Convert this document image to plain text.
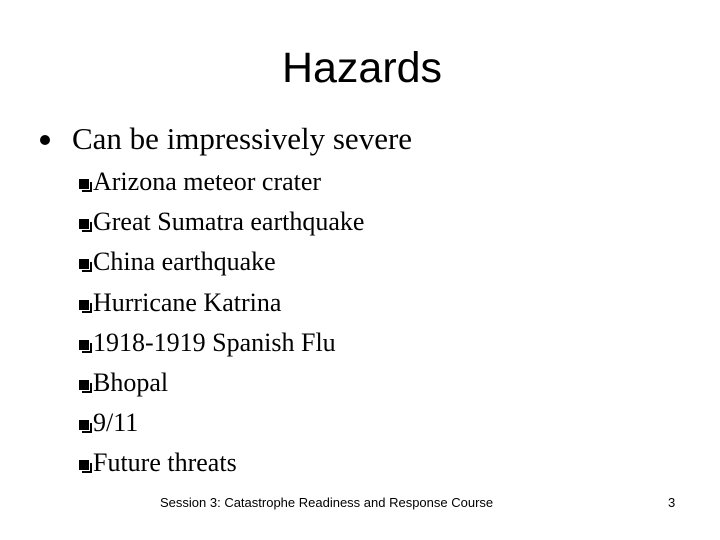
Hazards
Can be impressively severe
Arizona meteor crater
Great Sumatra earthquake
China earthquake
Hurricane Katrina
1918-1919 Spanish Flu
Bhopal
9/11
Future threats
Session 3: Catastrophe Readiness and Response Course	3
